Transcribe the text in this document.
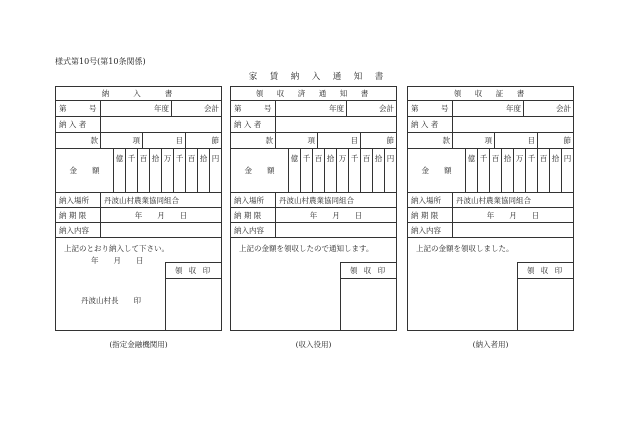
様式第10号(第10条関係)
家　賃　納　入　通　知　書
納　　入　　書
第　　　号	年度	会計
納 入 者
款	項	目	節
金　　額
億 千 百 拾 万 千 百 拾 円
納入場所	丹波山村農業協同組合
納 期 限	年　　月　　日
納入内容
上記のとおり納入して下さい。
年　　月　　日
丹波山村長　　印
領 収 印
領　収　済　通　知　書
第　　　号	年度	会計
納 入 者
款	項	目	節
金　　額
億 千 百 拾 万 千 百 拾 円
納入場所	丹波山村農業協同組合
納 期 限	年　　月　　日
納入内容
上記の金額を領収したので通知します。
領 収 印
領　収　証　書
第　　　号	年度	会計
納 入 者
款	項	目	節
金　　額
億 千 百 拾 万 千 百 拾 円
納入場所	丹波山村農業協同組合
納 期 限	年　　月　　日
納入内容
上記の金額を領収しました。
領 収 印
(指定金融機関用)	(収入役用)	(納入者用)
